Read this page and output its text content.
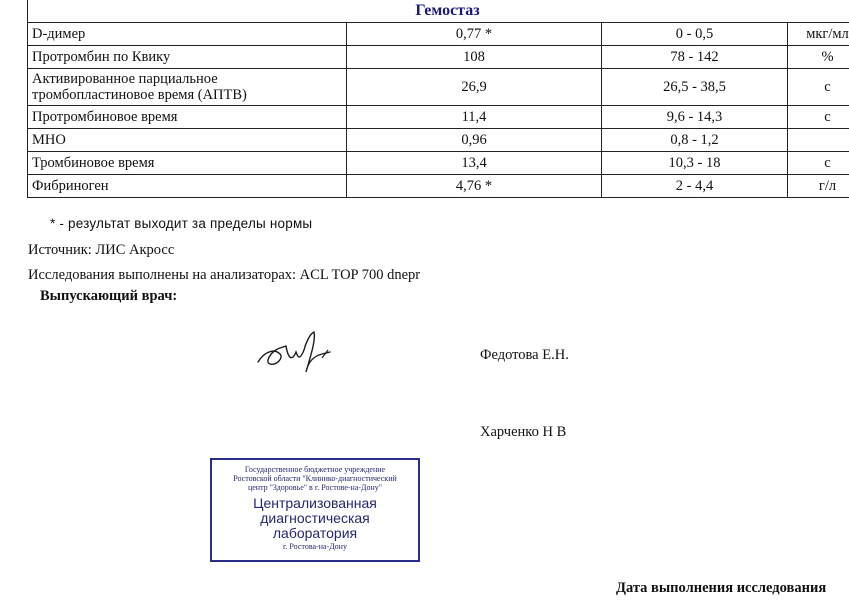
Гемостаз			
D-димер	0,77 *	0 - 0,5	мкг/мл
Протромбин по Квику	108	78 - 142	%
Активированное парциальное тромбопластиновое время (АПТВ)	26,9	26,5 - 38,5	с
Протромбиновое время	11,4	9,6 - 14,3	с
МНО	0,96	0,8 - 1,2	
Тромбиновое время	13,4	10,3 - 18	с
Фибриноген	4,76 *	2 - 4,4	г/л
* - результат выходит за пределы нормы
Источник: ЛИС Акросс
Исследования выполнены на анализаторах: ACL TOP 700 dnepr
Выпускающий врач:
Федотова Е.Н.
Харченко Н В
Государственное бюджетное учреждение
Ростовской области "Клинико-диагностический
центр "Здоровье" в г. Ростове-на-Дону"
Централизованная
диагностическая
лаборатория
г. Ростова-на-Дону
Дата выполнения исследования
